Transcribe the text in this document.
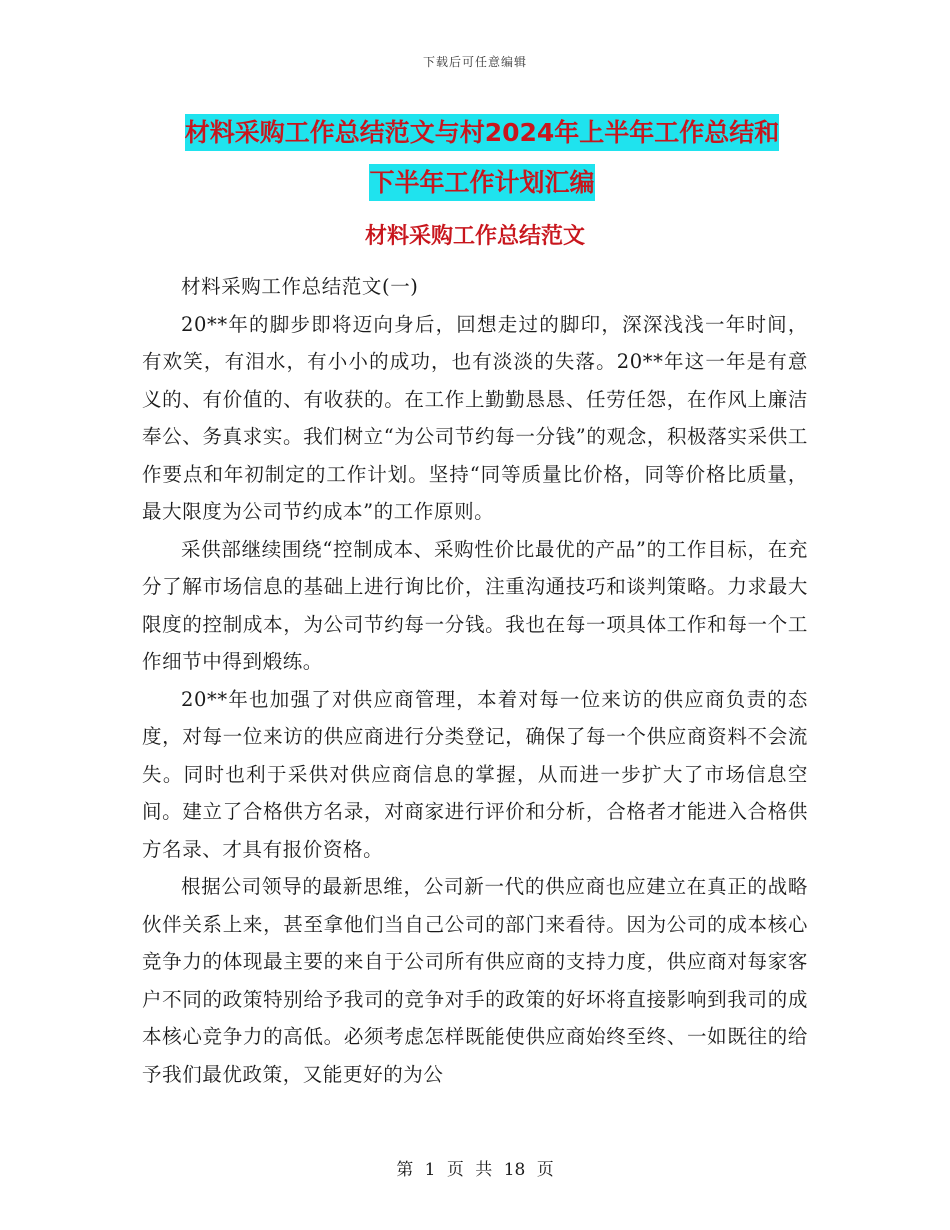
下载后可任意编辑
材料采购工作总结范文与村2024年上半年工作总结和
下半年工作计划汇编
材料采购工作总结范文

材料采购工作总结范文(一)

20**年的脚步即将迈向身后，回想走过的脚印，深深浅浅一年时间，有欢笑，有泪水，有小小的成功，也有淡淡的失落。20**年这一年是有意义的、有价值的、有收获的。在工作上勤勤恳恳、任劳任怨，在作风上廉洁奉公、务真求实。我们树立“为公司节约每一分钱”的观念，积极落实采供工作要点和年初制定的工作计划。坚持“同等质量比价格，同等价格比质量，最大限度为公司节约成本”的工作原则。

采供部继续围绕“控制成本、采购性价比最优的产品”的工作目标，在充分了解市场信息的基础上进行询比价，注重沟通技巧和谈判策略。力求最大限度的控制成本，为公司节约每一分钱。我也在每一项具体工作和每一个工作细节中得到煅练。

20**年也加强了对供应商管理，本着对每一位来访的供应商负责的态度，对每一位来访的供应商进行分类登记，确保了每一个供应商资料不会流失。同时也利于采供对供应商信息的掌握，从而进一步扩大了市场信息空间。建立了合格供方名录，对商家进行评价和分析，合格者才能进入合格供方名录、才具有报价资格。

根据公司领导的最新思维，公司新一代的供应商也应建立在真正的战略伙伴关系上来，甚至拿他们当自己公司的部门来看待。因为公司的成本核心竞争力的体现最主要的来自于公司所有供应商的支持力度，供应商对每家客户不同的政策特别给予我司的竞争对手的政策的好坏将直接影响到我司的成本核心竞争力的高低。必须考虑怎样既能使供应商始终至终、一如既往的给予我们最优政策，又能更好的为公

第 1 页 共 18 页
